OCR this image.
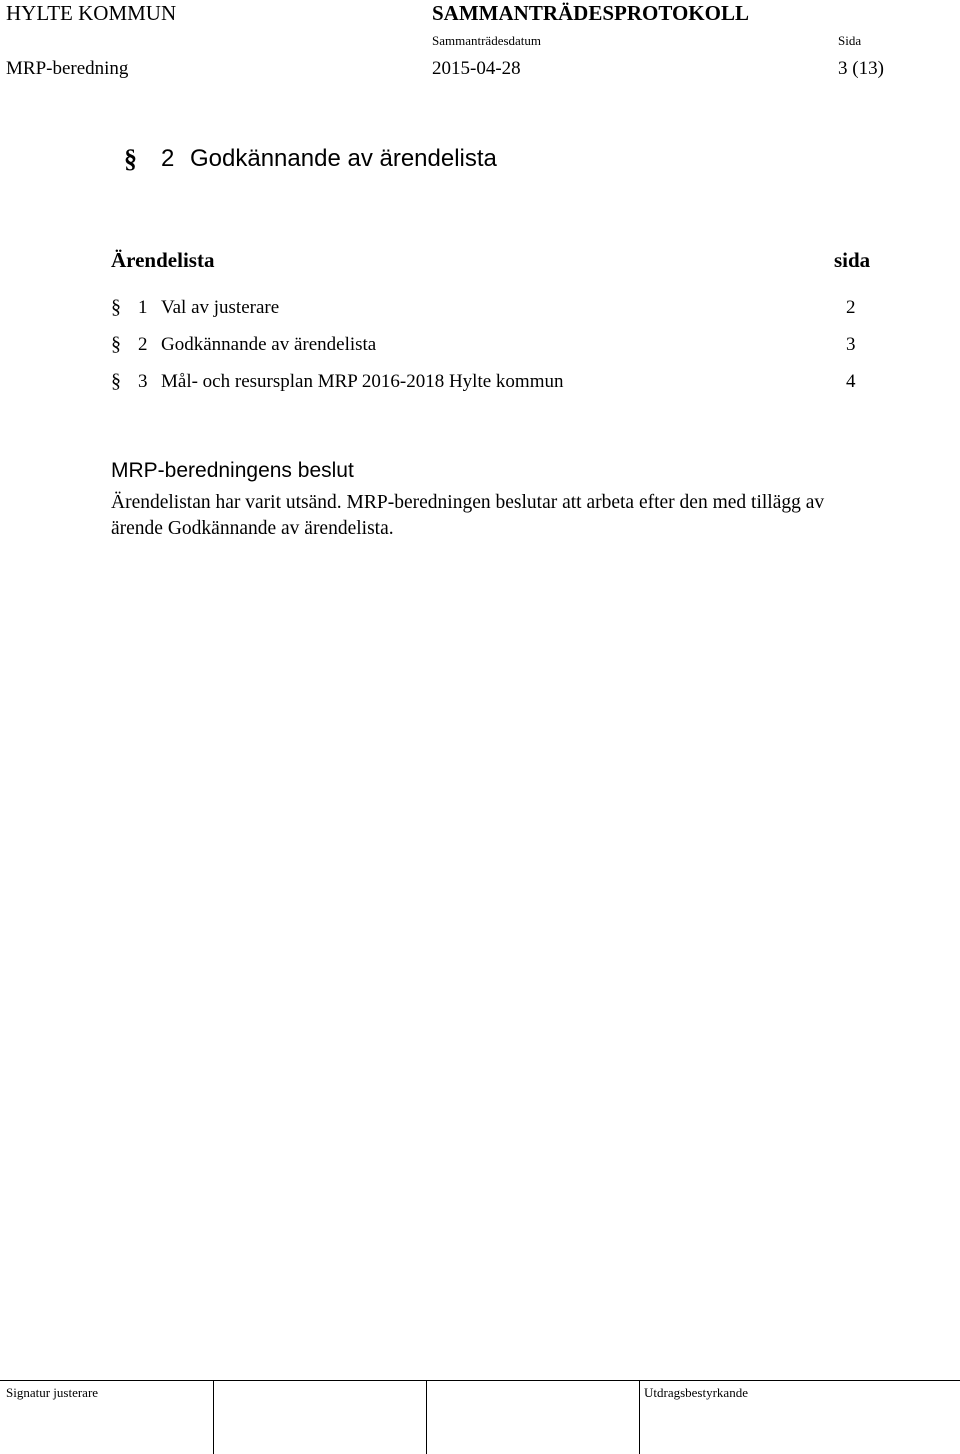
HYLTE KOMMUN	SAMMANTRÄDESPROTOKOLL
Sammanträdesdatum	Sida
MRP-beredning	2015-04-28	3 (13)
§ 2 Godkännande av ärendelista
Ärendelista	sida
§ 1 Val av justerare	2
§ 2 Godkännande av ärendelista	3
§ 3 Mål- och resursplan MRP 2016-2018 Hylte kommun	4
MRP-beredningens beslut
Ärendelistan har varit utsänd. MRP-beredningen beslutar att arbeta efter den med tillägg av
ärende Godkännande av ärendelista.
Signatur justerare	Utdragsbestyrkande
